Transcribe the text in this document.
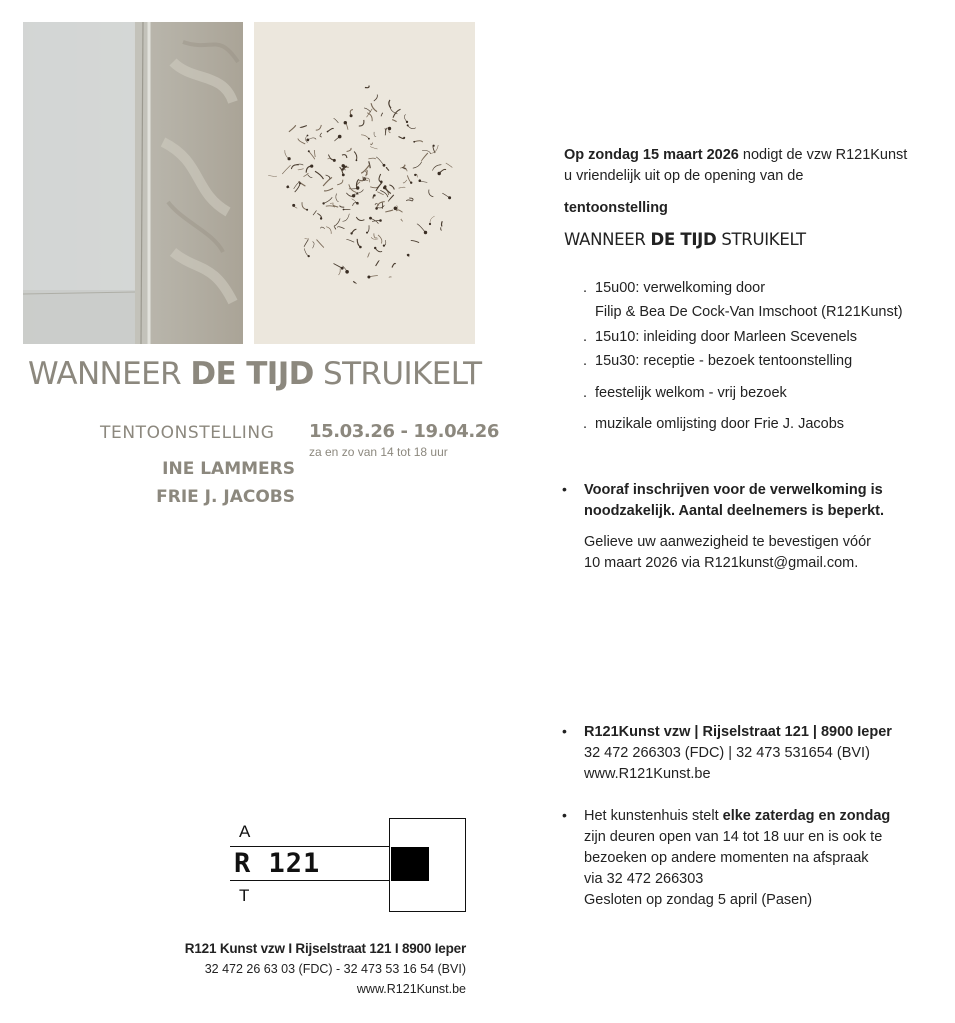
WANNEER DE TIJD STRUIKELT
TENTOONSTELLING 15.03.26 - 19.04.26
za en zo van 14 tot 18 uur
INE LAMMERS
FRIE J. JACOBS
A
R 121
T
R121 Kunst vzw I Rijselstraat 121 I 8900 Ieper
32 472 26 63 03 (FDC) - 32 473 53 16 54 (BVI)
www.R121Kunst.be
Op zondag 15 maart 2026 nodigt de vzw R121Kunst
u vriendelijk uit op de opening van de
tentoonstelling
WANNEER DE TIJD STRUIKELT
. 15u00: verwelkoming door
Filip & Bea De Cock-Van Imschoot (R121Kunst)
. 15u10: inleiding door Marleen Scevenels
. 15u30: receptie - bezoek tentoonstelling
. feestelijk welkom - vrij bezoek
. muzikale omlijsting door Frie J. Jacobs
• Vooraf inschrijven voor de verwelkoming is
noodzakelijk. Aantal deelnemers is beperkt.
Gelieve uw aanwezigheid te bevestigen vóór
10 maart 2026 via R121kunst@gmail.com.
• R121Kunst vzw | Rijselstraat 121 | 8900 Ieper
32 472 266303 (FDC) | 32 473 531654 (BVI)
www.R121Kunst.be
• Het kunstenhuis stelt elke zaterdag en zondag
zijn deuren open van 14 tot 18 uur en is ook te
bezoeken op andere momenten na afspraak
via 32 472 266303
Gesloten op zondag 5 april (Pasen)
